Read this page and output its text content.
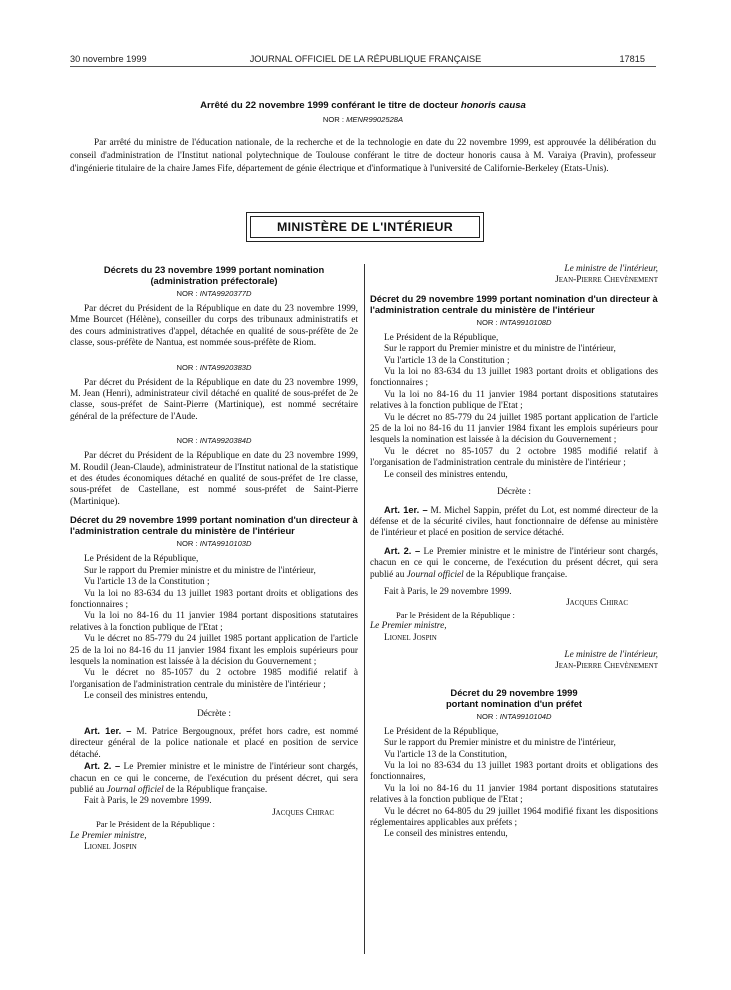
30 novembre 1999	JOURNAL OFFICIEL DE LA RÉPUBLIQUE FRANÇAISE	17815
Arrêté du 22 novembre 1999 conférant le titre de docteur honoris causa
NOR : MENR9902528A

Par arrêté du ministre de l'éducation nationale, de la recherche et de la technologie en date du 22 novembre 1999, est approuvée la délibération du conseil d'administration de l'Institut national polytechnique de Toulouse conférant le titre de docteur honoris causa à M. Varaiya (Pravin), professeur d'ingénierie titulaire de la chaire James Fife, département de génie électrique et d'informatique à l'université de Californie-Berkeley (Etats-Unis).

MINISTÈRE DE L'INTÉRIEUR
Décrets du 23 novembre 1999 portant nomination (administration préfectorale)
NOR : INTA9920377D

Par décret du Président de la République en date du 23 novembre 1999, Mme Bourcet (Hélène), conseiller du corps des tribunaux administratifs et des cours administratives d'appel, détachée en qualité de sous-préfète de 2e classe, sous-préfète de Nantua, est nommée sous-préfète de Riom.

NOR : INTA9920383D

Par décret du Président de la République en date du 23 novembre 1999, M. Jean (Henri), administrateur civil détaché en qualité de sous-préfet de 2e classe, sous-préfet de Saint-Pierre (Martinique), est nommé secrétaire général de la préfecture de l'Aude.

NOR : INTA9920384D

Par décret du Président de la République en date du 23 novembre 1999, M. Roudil (Jean-Claude), administrateur de l'Institut national de la statistique et des études économiques détaché en qualité de sous-préfet de 1re classe, sous-préfet de Castellane, est nommé sous-préfet de Saint-Pierre (Martinique).

Décret du 29 novembre 1999 portant nomination d'un directeur à l'administration centrale du ministère de l'intérieur
NOR : INTA9910103D

Le Président de la République,

Sur le rapport du Premier ministre et du ministre de l'intérieur,

Vu l'article 13 de la Constitution ;

Vu la loi no 83-634 du 13 juillet 1983 portant droits et obligations des fonctionnaires ;

Vu la loi no 84-16 du 11 janvier 1984 portant dispositions statutaires relatives à la fonction publique de l'Etat ;

Vu le décret no 85-779 du 24 juillet 1985 portant application de l'article 25 de la loi no 84-16 du 11 janvier 1984 fixant les emplois supérieurs pour lesquels la nomination est laissée à la décision du Gouvernement ;

Vu le décret no 85-1057 du 2 octobre 1985 modifié relatif à l'organisation de l'administration centrale du ministère de l'intérieur ;

Le conseil des ministres entendu,

Décrète :

Art. 1er. – M. Patrice Bergougnoux, préfet hors cadre, est nommé directeur général de la police nationale et placé en position de service détaché.

Art. 2. – Le Premier ministre et le ministre de l'intérieur sont chargés, chacun en ce qui le concerne, de l'exécution du présent décret, qui sera publié au Journal officiel de la République française.

Fait à Paris, le 29 novembre 1999.

Jacques Chirac
Par le Président de la République :
Le Premier ministre,
Lionel Jospin
Le ministre de l'intérieur,
Jean-Pierre Chevènement
Décret du 29 novembre 1999 portant nomination d'un directeur à l'administration centrale du ministère de l'intérieur
NOR : INTA9910108D

Le Président de la République,

Sur le rapport du Premier ministre et du ministre de l'intérieur,

Vu l'article 13 de la Constitution ;

Vu la loi no 83-634 du 13 juillet 1983 portant droits et obligations des fonctionnaires ;

Vu la loi no 84-16 du 11 janvier 1984 portant dispositions statutaires relatives à la fonction publique de l'Etat ;

Vu le décret no 85-779 du 24 juillet 1985 portant application de l'article 25 de la loi no 84-16 du 11 janvier 1984 fixant les emplois supérieurs pour lesquels la nomination est laissée à la décision du Gouvernement ;

Vu le décret no 85-1057 du 2 octobre 1985 modifié relatif à l'organisation de l'administration centrale du ministère de l'intérieur ;

Le conseil des ministres entendu,

Décrète :

Art. 1er. – M. Michel Sappin, préfet du Lot, est nommé directeur de la défense et de la sécurité civiles, haut fonctionnaire de défense au ministère de l'intérieur et placé en position de service détaché.

Art. 2. – Le Premier ministre et le ministre de l'intérieur sont chargés, chacun en ce qui le concerne, de l'exécution du présent décret, qui sera publié au Journal officiel de la République française.

Fait à Paris, le 29 novembre 1999.

Jacques Chirac
Par le Président de la République :
Le Premier ministre,
Lionel Jospin
Le ministre de l'intérieur,
Jean-Pierre Chevènement
Décret du 29 novembre 1999
portant nomination d'un préfet
NOR : INTA9910104D

Le Président de la République,

Sur le rapport du Premier ministre et du ministre de l'intérieur,

Vu l'article 13 de la Constitution,

Vu la loi no 83-634 du 13 juillet 1983 portant droits et obligations des fonctionnaires,

Vu la loi no 84-16 du 11 janvier 1984 portant dispositions statutaires relatives à la fonction publique de l'Etat ;

Vu le décret no 64-805 du 29 juillet 1964 modifié fixant les dispositions réglementaires applicables aux préfets ;

Le conseil des ministres entendu,
